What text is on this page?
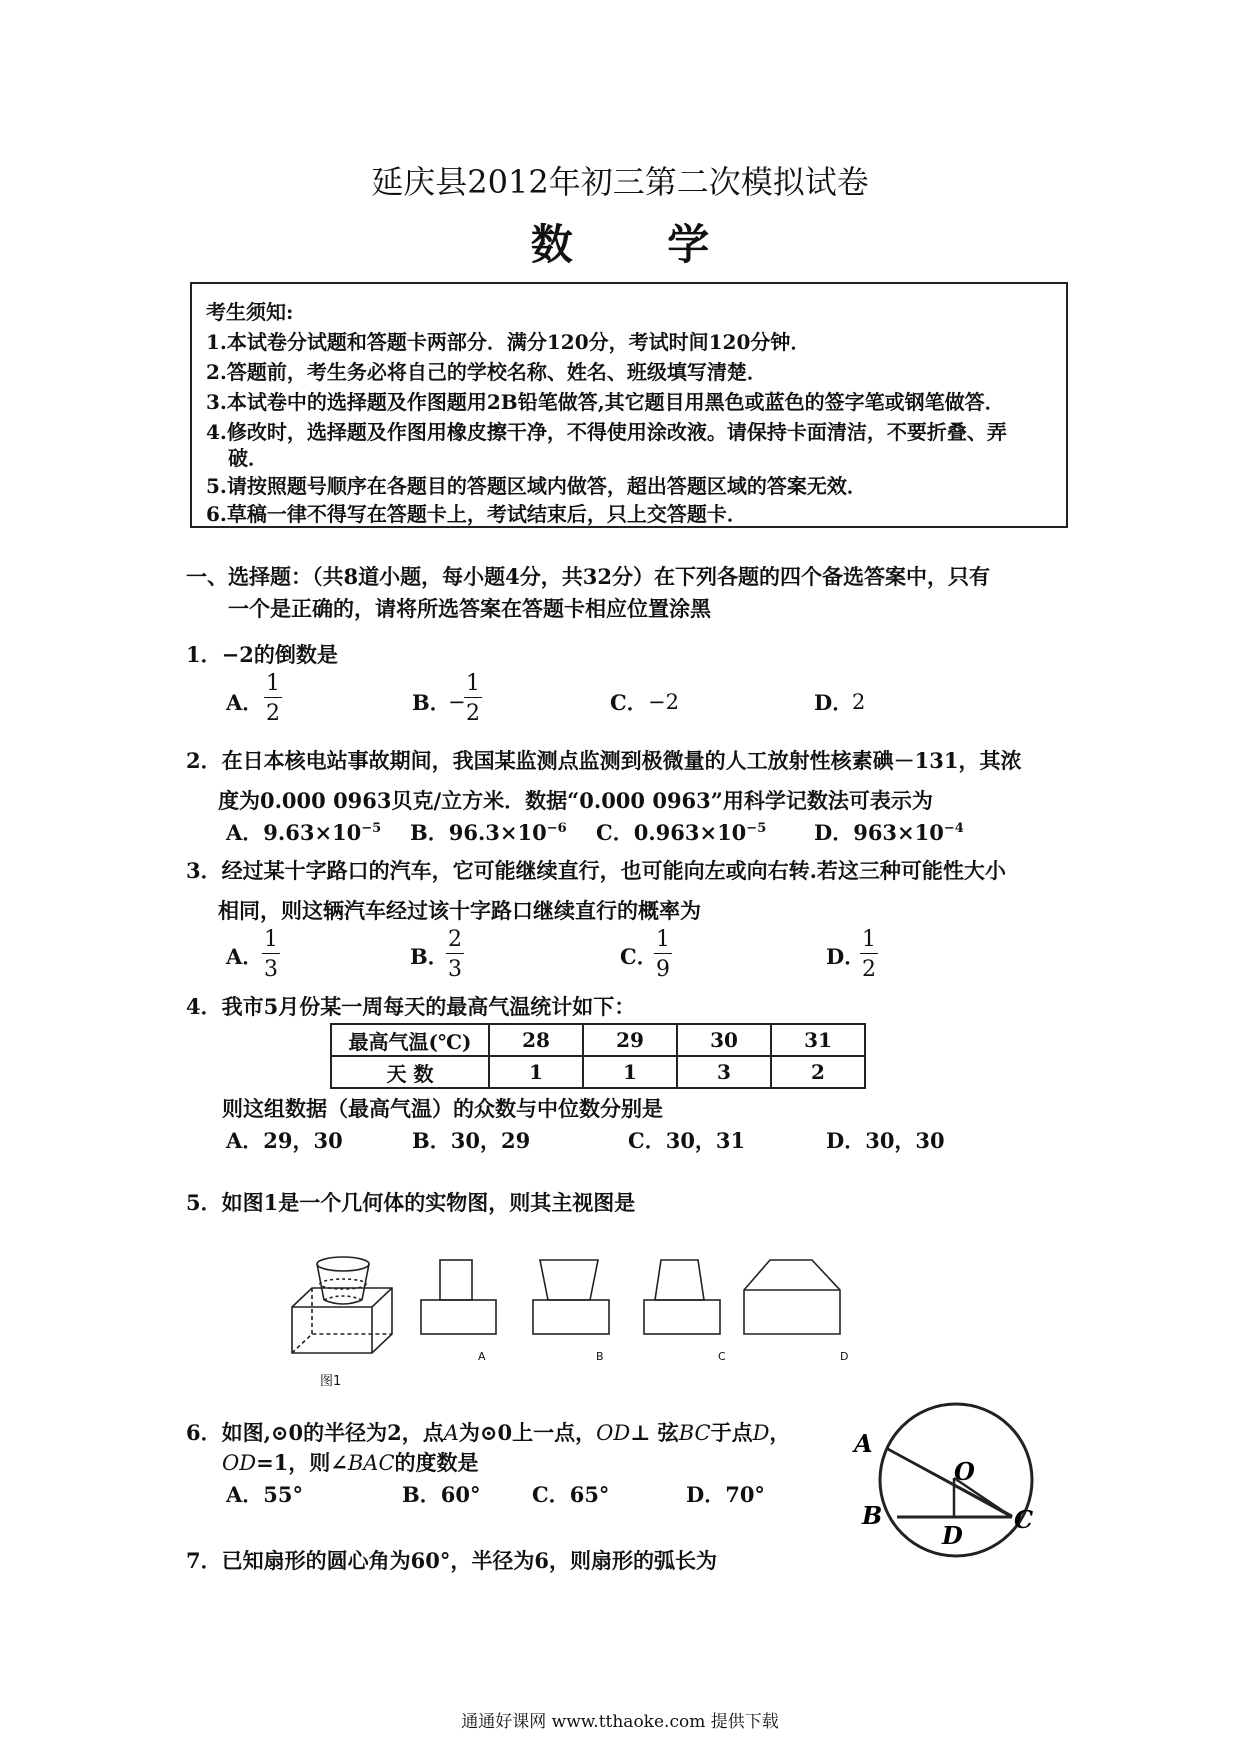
延庆县2012年初三第二次模拟试卷
数 学
考生须知:
1.本试卷分试题和答题卡两部分．满分120分，考试时间120分钟．
2.答题前，考生务必将自己的学校名称、姓名、班级填写清楚．
3.本试卷中的选择题及作图题用2B铅笔做答,其它题目用黑色或蓝色的签字笔或钢笔做答．
4.修改时，选择题及作图用橡皮擦干净，不得使用涂改液。请保持卡面清洁，不要折叠、弄
破．
5.请按照题号顺序在各题目的答题区域内做答，超出答题区域的答案无效．
6.草稿一律不得写在答题卡上，考试结束后，只上交答题卡．
一、选择题：（共8道小题，每小题4分，共32分）在下列各题的四个备选答案中，只有
一个是正确的，请将所选答案在答题卡相应位置涂黑
1．−2的倒数是
A． $\frac{1}{2}$	B．
−
$\frac{1}{2}$	C． −2	D．
2
2．在日本核电站事故期间，我国某监测点监测到极微量的人工放射性核素碘－131，其浓
度为0.000 0963贝克/立方米．数据“0.000 0963”用科学记数法可表示为
A．$9.63\times 10^{-5}$ B．$96.3\times 10^{-6}$ C．$0.963\times 10^{-5}$ D．$963\times 10^{-4}$
3．经过某十字路口的汽车，它可能继续直行，也可能向左或向右转.若这三种可能性大小
相同，则这辆汽车经过该十字路口继续直行的概率为
A．
$\frac{1}{3}$	B．
$\frac{2}{3}$	C．
$\frac{1}{9}$	D．
$\frac{1}{2}$
4．我市5月份某一周每天的最高气温统计如下：
最高气温(℃)	28	29	30	31
天 数	1	1	3	2
则这组数据（最高气温）的众数与中位数分别是
A．29，30	B．30，29	C．30，31	D．30，30
5．如图1是一个几何体的实物图，则其主视图是
图1
A	B	C	D
6．如图,⊙0的半径为2，点A为⊙0上一点，OD⊥ 弦BC于点D，
OD=1，则∠BAC的度数是
A．55°	B．60° C．65°	D．70°
A
O
B	C
D
7．已知扇形的圆心角为60°，半径为6，则扇形的弧长为
通通好课网 www.tthaoke.com 提供下载
